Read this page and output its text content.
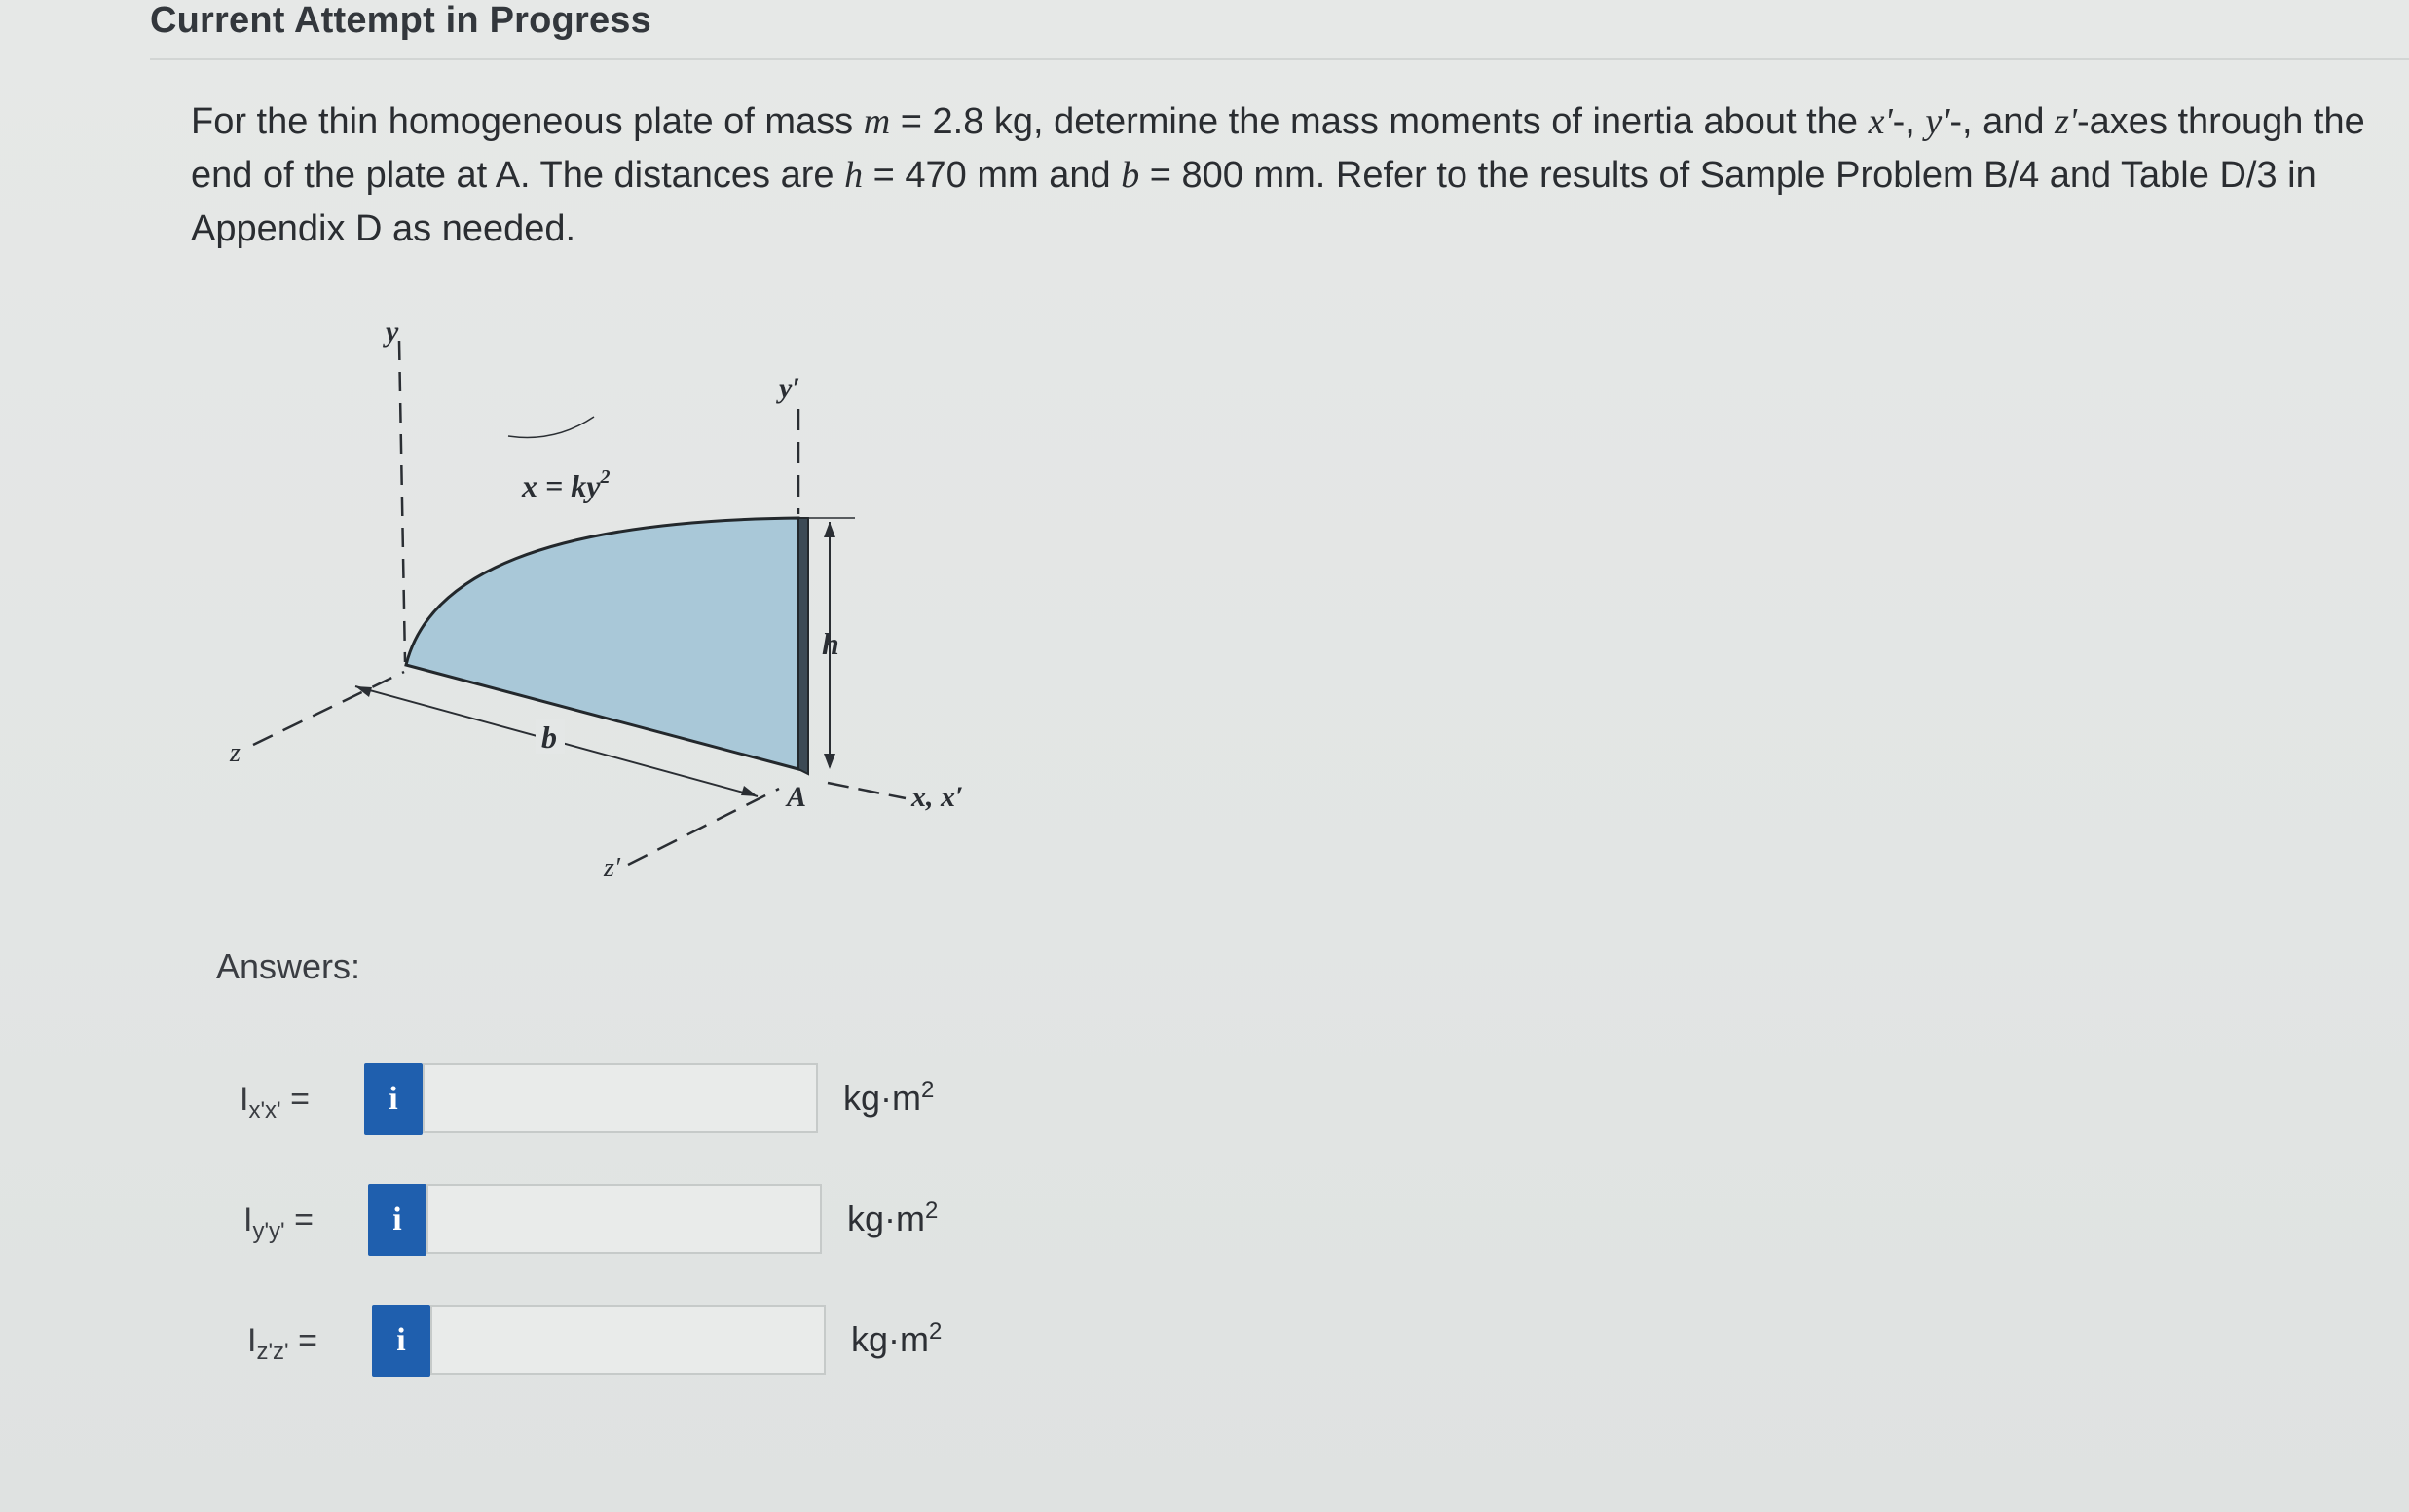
Current Attempt in Progress

For the thin homogeneous plate of mass m = 2.8 kg, determine the mass moments of inertia about the x'-, y'-, and z'-axes through the end of the plate at A. The distances are h = 470 mm and b = 800 mm. Refer to the results of Sample Problem B/4 and Table D/3 in Appendix D as needed.

y
z
$x = ky^2$
y′
h
b
A	x, x′
z′
Answers:
$I_{x'x'}$ =	i	$kg\cdot m^2$
$I_{y'y'}$ =	i	$kg\cdot m^2$
$I_{z'z'}$ =	i	$kg\cdot m^2$
